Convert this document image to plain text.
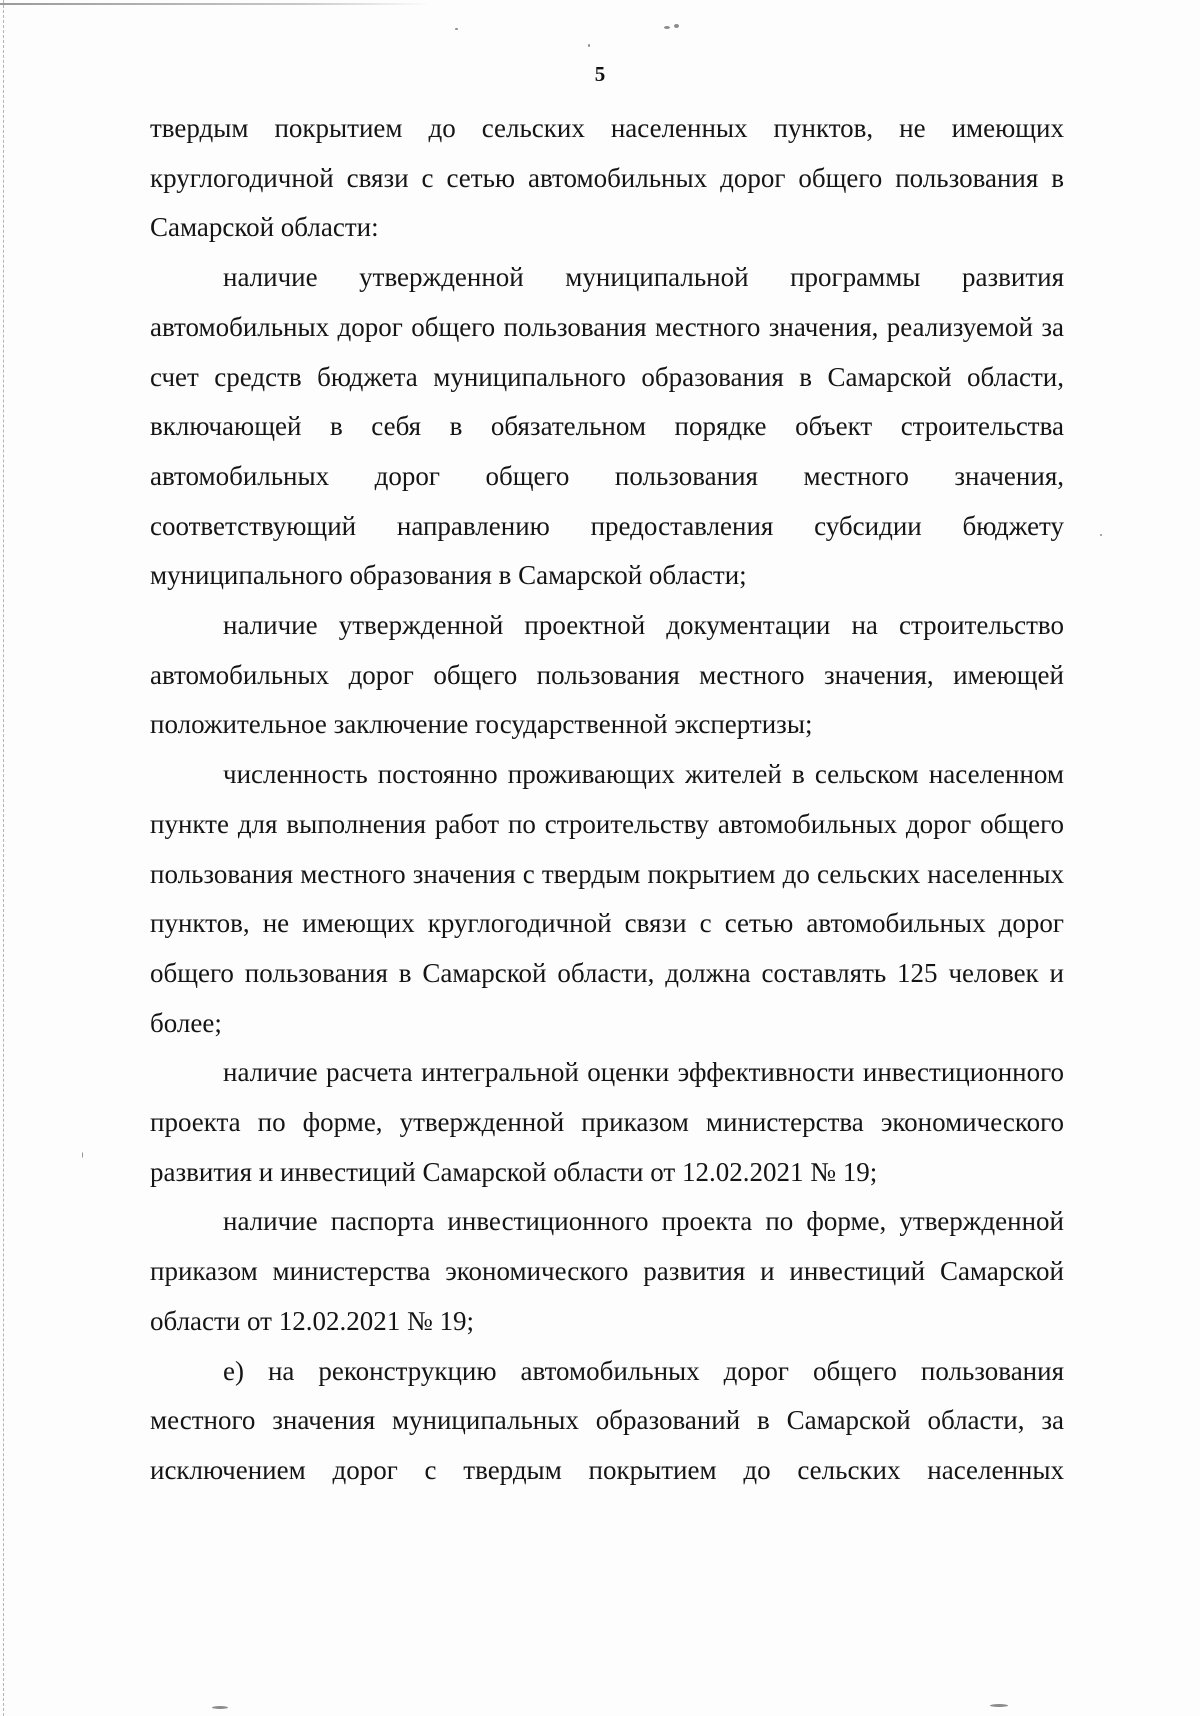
5

твердым покрытием до сельских населенных пунктов, не имеющих круглогодичной связи с сетью автомобильных дорог общего пользования в Самарской области:

наличие утвержденной муниципальной программы развития автомобильных дорог общего пользования местного значения, реализуемой за счет средств бюджета муниципального образования в Самарской области, включающей в себя в обязательном порядке объект строительства автомобильных дорог общего пользования местного значения, соответствующий направлению предоставления субсидии бюджету муниципального образования в Самарской области;

наличие утвержденной проектной документации на строительство автомобильных дорог общего пользования местного значения, имеющей положительное заключение государственной экспертизы;

численность постоянно проживающих жителей в сельском населенном пункте для выполнения работ по строительству автомобильных дорог общего пользования местного значения с твердым покрытием до сельских населенных пунктов, не имеющих круглогодичной связи с сетью автомобильных дорог общего пользования в Самарской области, должна составлять 125 человек и более;

наличие расчета интегральной оценки эффективности инвестиционного проекта по форме, утвержденной приказом министерства экономического развития и инвестиций Самарской области от 12.02.2021 № 19;

наличие паспорта инвестиционного проекта по форме, утвержденной приказом министерства экономического развития и инвестиций Самарской области от 12.02.2021 № 19;

е) на реконструкцию автомобильных дорог общего пользования местного значения муниципальных образований в Самарской области, за исключением дорог с твердым покрытием до сельских населенных
